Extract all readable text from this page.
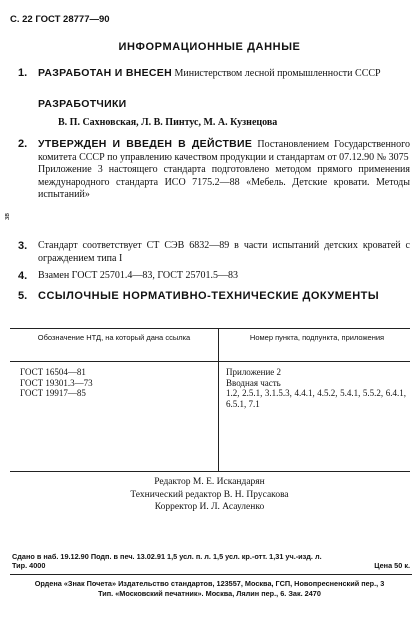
С. 22 ГОСТ 28777—90
ИНФОРМАЦИОННЫЕ ДАННЫЕ
1. РАЗРАБОТАН И ВНЕСЕН Министерством лесной промышленности СССР
РАЗРАБОТЧИКИ
В. П. Сахновская, Л. В. Пинтус, М. А. Кузнецова
2. УТВЕРЖДЕН И ВВЕДЕН В ДЕЙСТВИЕ Постановлением Государственного комитета СССР по управлению качеством продукции и стандартам от 07.12.90 № 3075
Приложение 3 настоящего стандарта подготовлено методом прямого применения международного стандарта ИСО 7175.2—88 «Мебель. Детские кровати. Методы испытаний»
зв
3. Стандарт соответствует СТ СЭВ 6832—89 в части испытаний детских кроватей с ограждением типа I
4. Взамен ГОСТ 25701.4—83, ГОСТ 25701.5—83
5. ССЫЛОЧНЫЕ НОРМАТИВНО-ТЕХНИЧЕСКИЕ ДОКУМЕНТЫ
Обозначение НТД, на который дана ссылка	Номер пункта, подпункта, приложения
ГОСТ 16504—81	Приложение 2
ГОСТ 19301.3—73	Вводная часть
ГОСТ 19917—85	1.2, 2.5.1, 3.1.5.3, 4.4.1, 4.5.2, 5.4.1, 5.5.2, 6.4.1, 6.5.1, 7.1
Редактор М. Е. Искандарян
Технический редактор В. Н. Прусакова
Корректор И. Л. Асауленко
Сдано в наб. 19.12.90 Подп. в печ. 13.02.91 1,5 усл. п. л. 1,5 усл. кр.-отт. 1,31 уч.-изд. л.
Тир. 4000	Цена 50 к.
Ордена «Знак Почета» Издательство стандартов, 123557, Москва, ГСП, Новопресненский пер., 3
Тип. «Московский печатник». Москва, Лялин пер., 6. Зак. 2470
